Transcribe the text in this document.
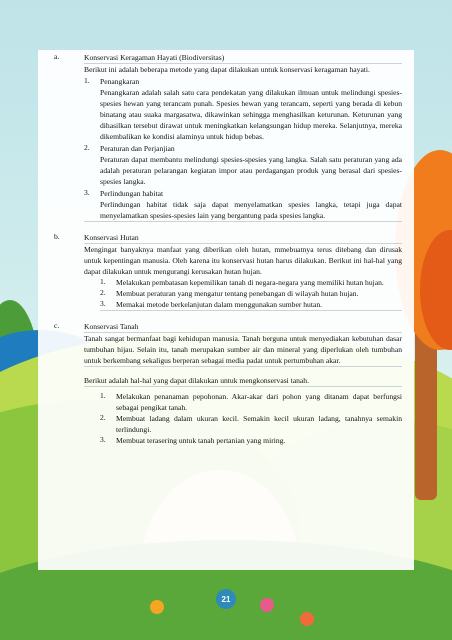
a.	Konservasi Keragaman Hayati (Biodiversitas)
Berikut ini adalah beberapa metode yang dapat dilakukan untuk konservasi keragaman hayati.
1.	Penangkaran
Penangkaran adalah salah satu cara pendekatan yang dilakukan ilmuan untuk melindungi spesies-spesies hewan yang terancam punah. Spesies hewan yang terancam, seperti yang berada di kebun binatang atau suaka margasatwa, dikawinkan sehingga menghasilkan keturunan. Keturunan yang dihasilkan tersebut dirawat untuk meningkatkan kelangsungan hidup mereka. Selanjutnya, mereka dikembalikan ke kondisi alaminya untuk hidup bebas.
2.	Peraturan dan Perjanjian
Peraturan dapat membantu melindungi spesies-spesies yang langka. Salah satu peraturan yang ada adalah peraturan pelarangan kegiatan impor atau perdagangan produk yang berasal dari spesies-spesies langka.
3.	Perlindungan habitat
Perlindungan habitat tidak saja dapat menyelamatkan spesies langka, tetapi juga dapat menyelamatkan spesies-spesies lain yang bergantung pada spesies langka.
b.	Konservasi Hutan
Mengingat banyaknya manfaat yang diberikan oleh hutan, mmebuatnya terus ditebang dan dirusak untuk kepentingan manusia. Oleh karena itu konservasi hutan harus dilakukan. Berikut ini hal-hal yang dapat dilakukan untuk mengurangi kerusakan hutan hujan.
1.	Melakukan pembatasan kepemilikan tanah di negara-negara yang memiliki hutan hujan.
2.	Membuat peraturan yang mengatur tentang penebangan di wilayah hutan hujan.
3.	Memakai metode berkelanjutan dalam menggunakan sumber hutan.
c.	Konservasi Tanah
Tanah sangat bermanfaat bagi kehidupan manusia. Tanah berguna untuk menyediakan kebutuhan dasar tumbuhan hijau. Selain itu, tanah merupakan sumber air dan mineral yang diperlukan oleh tumbuhan untuk berkembang sekaligus berperan sebagai media padat untuk pertumbuhan akar.
Berikut adalah hal-hal yang dapat dilakukan untuk mengkonservasi tanah.
1.	Melakukan penanaman pepohonan. Akar-akar dari pohon yang ditanam dapat berfungsi sebagai pengikat tanah.
2.	Membuat ladang dalam ukuran kecil. Semakin kecil ukuran ladang, tanahnya semakin terlindungi.
3.	Membuat terasering untuk tanah pertanian yang miring.
21
